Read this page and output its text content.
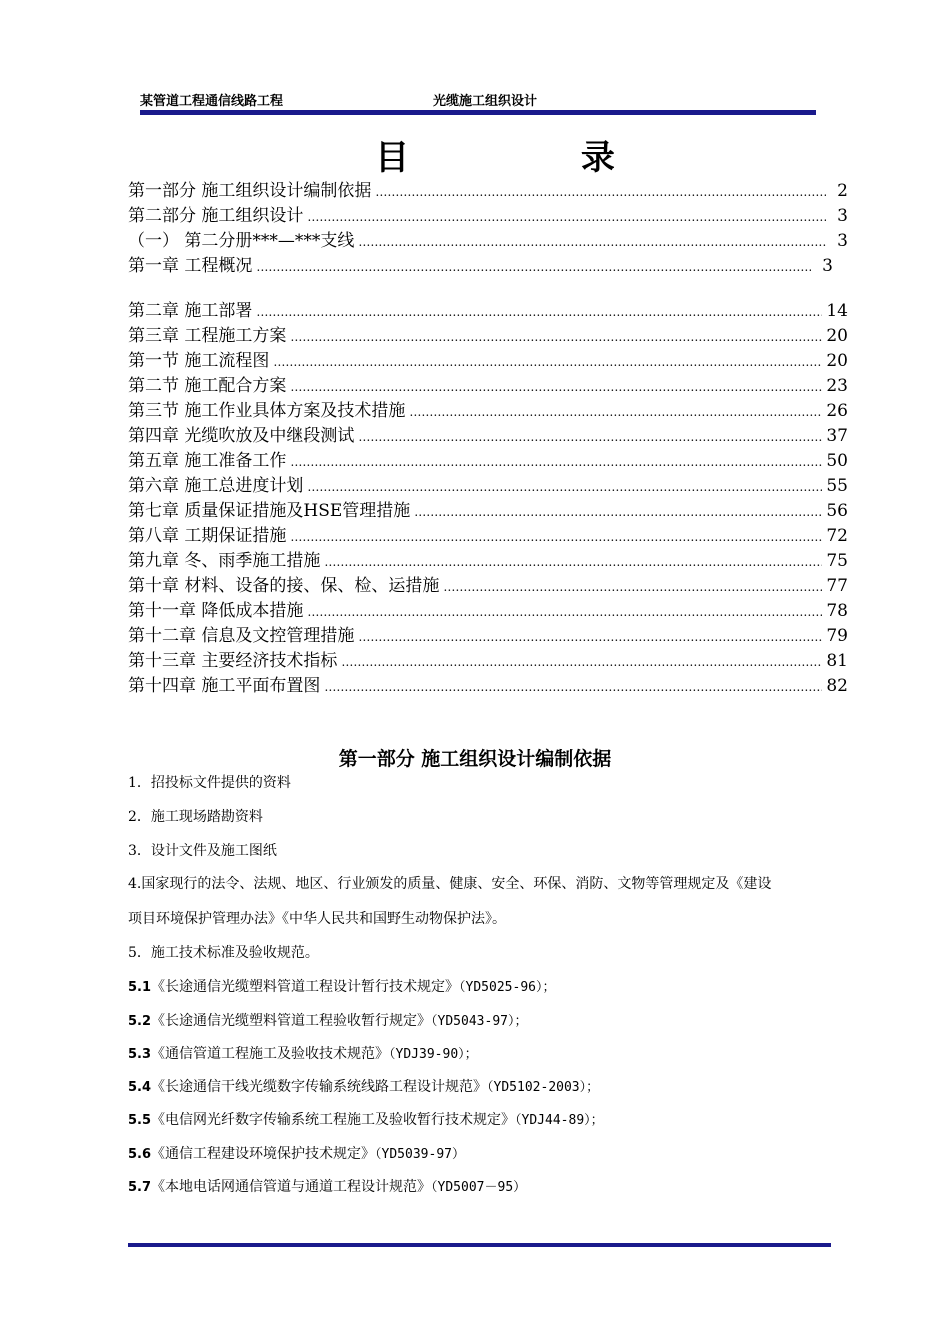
某管道工程通信线路工程	光缆施工组织设计
目 录
第一部分 施工组织设计编制依据 …………………………………………………………………………………………………………………………………………………………………………………………………………	2
第二部分 施工组织设计 …………………………………………………………………………………………………………………………………………………………………………………………………………	3
（一） 第二分册***—***支线 …………………………………………………………………………………………………………………………………………………………………………………………………………	3
第一章 工程概况 …………………………………………………………………………………………………………………………………………………………………………………………………………	3
第二章 施工部署 …………………………………………………………………………………………………………………………………………………………………………………………………………	14
第三章 工程施工方案 …………………………………………………………………………………………………………………………………………………………………………………………………………	20
第一节 施工流程图 …………………………………………………………………………………………………………………………………………………………………………………………………………	20
第二节 施工配合方案 …………………………………………………………………………………………………………………………………………………………………………………………………………	23
第三节 施工作业具体方案及技术措施 …………………………………………………………………………………………………………………………………………………………………………………………………………	26
第四章 光缆吹放及中继段测试 …………………………………………………………………………………………………………………………………………………………………………………………………………	37
第五章 施工准备工作 …………………………………………………………………………………………………………………………………………………………………………………………………………	50
第六章 施工总进度计划 …………………………………………………………………………………………………………………………………………………………………………………………………………	55
第七章 质量保证措施及HSE管理措施 …………………………………………………………………………………………………………………………………………………………………………………………………………	56
第八章 工期保证措施 …………………………………………………………………………………………………………………………………………………………………………………………………………	72
第九章 冬、雨季施工措施 …………………………………………………………………………………………………………………………………………………………………………………………………………	75
第十章 材料、设备的接、保、检、运措施 …………………………………………………………………………………………………………………………………………………………………………………………………………	77
第十一章 降低成本措施 …………………………………………………………………………………………………………………………………………………………………………………………………………	78
第十二章 信息及文控管理措施 …………………………………………………………………………………………………………………………………………………………………………………………………………	79
第十三章 主要经济技术指标 …………………………………………………………………………………………………………………………………………………………………………………………………………	81
第十四章 施工平面布置图 …………………………………………………………………………………………………………………………………………………………………………………………………………	82
第一部分 施工组织设计编制依据
1．招投标文件提供的资料
2．施工现场踏勘资料
3．设计文件及施工图纸
4.国家现行的法令、法规、地区、行业颁发的质量、健康、安全、环保、消防、文物等管理规定及《建设
项目环境保护管理办法》《中华人民共和国野生动物保护法》。
5．施工技术标准及验收规范。
5.1《长途通信光缆塑料管道工程设计暂行技术规定》（YD5025-96）；
5.2《长途通信光缆塑料管道工程验收暂行规定》（YD5043-97）；
5.3《通信管道工程施工及验收技术规范》（YDJ39-90）；
5.4《长途通信干线光缆数字传输系统线路工程设计规范》（YD5102-2003）；
5.5《电信网光纤数字传输系统工程施工及验收暂行技术规定》（YDJ44-89）；
5.6《通信工程建设环境保护技术规定》（YD5039-97）
5.7《本地电话网通信管道与通道工程设计规范》（YD5007－95）
